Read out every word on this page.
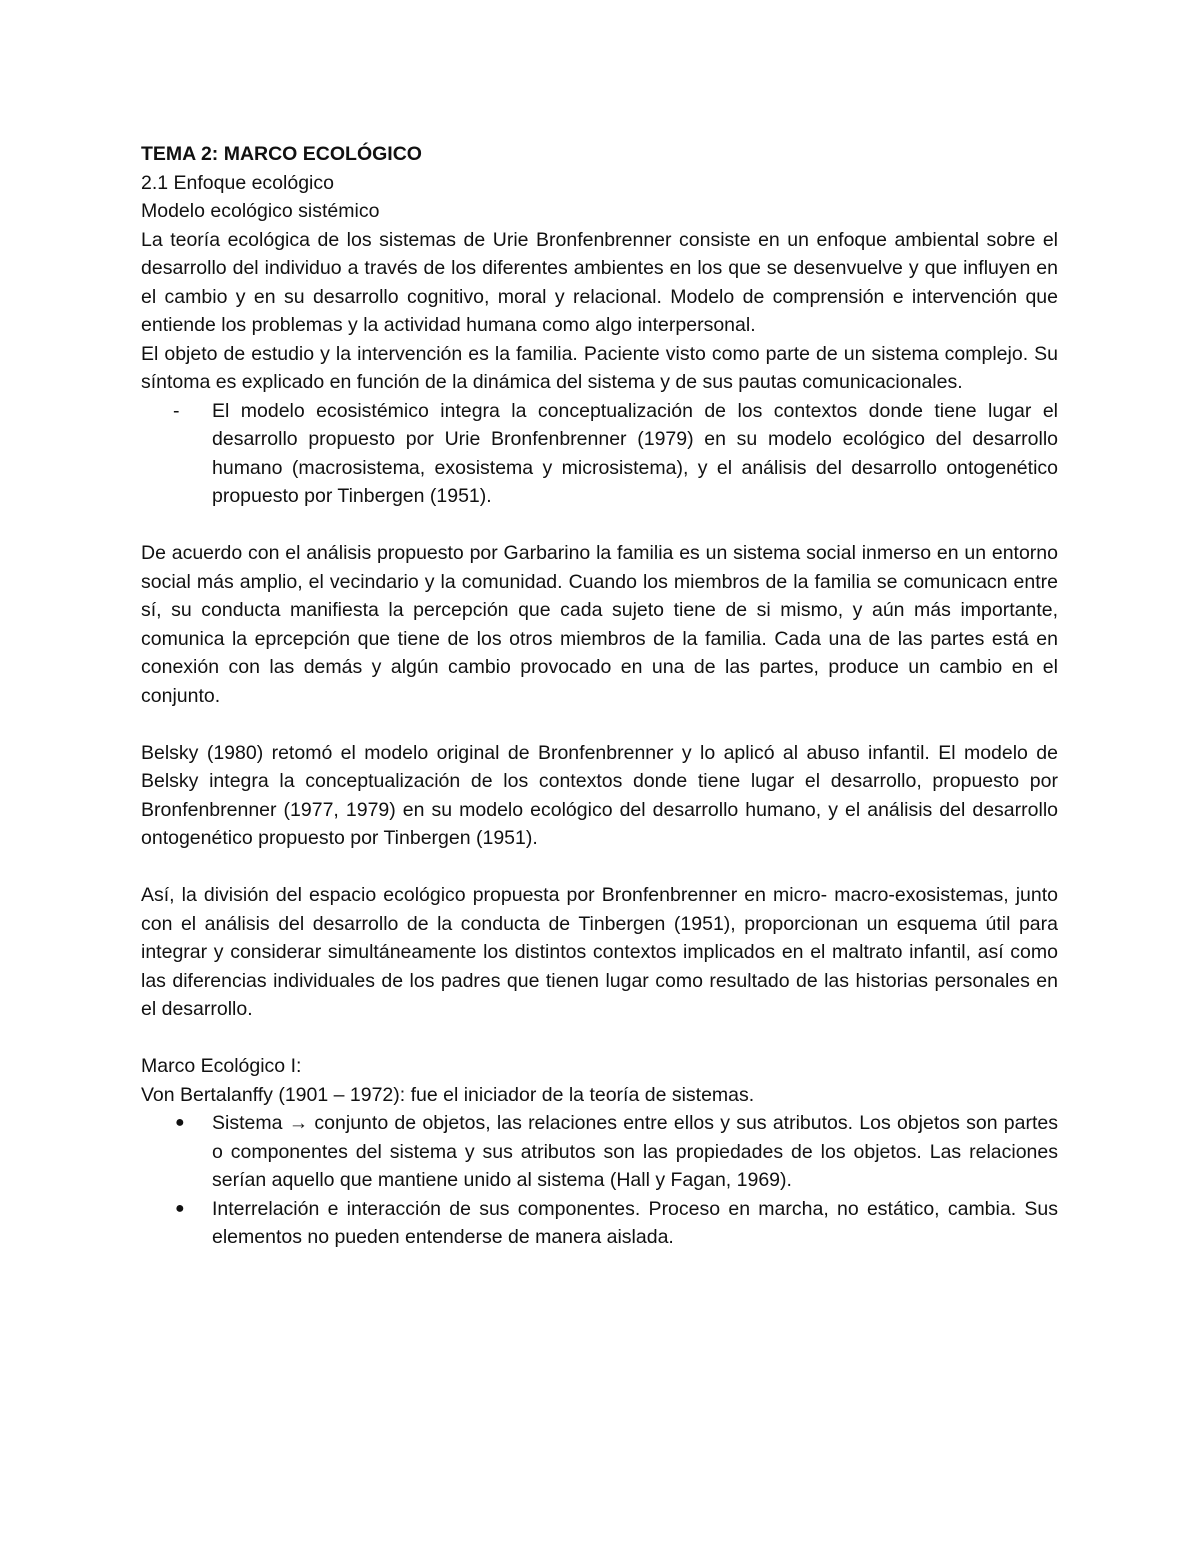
TEMA 2: MARCO ECOLÓGICO

2.1 Enfoque ecológico

Modelo ecológico sistémico

La teoría ecológica de los sistemas de Urie Bronfenbrenner consiste en un enfoque ambiental sobre el desarrollo del individuo a través de los diferentes ambientes en los que se desenvuelve y que influyen en el cambio y en su desarrollo cognitivo, moral y relacional. Modelo de comprensión e intervención que entiende los problemas y la actividad humana como algo interpersonal.

El objeto de estudio y la intervención es la familia. Paciente visto como parte de un sistema complejo. Su síntoma es explicado en función de la dinámica del sistema y de sus pautas comunicacionales.

- El modelo ecosistémico integra la conceptualización de los contextos donde tiene lugar el desarrollo propuesto por Urie Bronfenbrenner (1979) en su modelo ecológico del desarrollo humano (macrosistema, exosistema y microsistema), y el análisis del desarrollo ontogenético propuesto por Tinbergen (1951).

De acuerdo con el análisis propuesto por Garbarino la familia es un sistema social inmerso en un entorno social más amplio, el vecindario y la comunidad. Cuando los miembros de la familia se comunicacn entre sí, su conducta manifiesta la percepción que cada sujeto tiene de si mismo, y aún más importante, comunica la eprcepción que tiene de los otros miembros de la familia. Cada una de las partes está en conexión con las demás y algún cambio provocado en una de las partes, produce un cambio en el conjunto.

Belsky (1980) retomó el modelo original de Bronfenbrenner y lo aplicó al abuso infantil. El modelo de Belsky integra la conceptualización de los contextos donde tiene lugar el desarrollo, propuesto por Bronfenbrenner (1977, 1979) en su modelo ecológico del desarrollo humano, y el análisis del desarrollo ontogenético propuesto por Tinbergen (1951).

Así, la división del espacio ecológico propuesta por Bronfenbrenner en micro- macro-exosistemas, junto con el análisis del desarrollo de la conducta de Tinbergen (1951), proporcionan un esquema útil para integrar y considerar simultáneamente los distintos contextos implicados en el maltrato infantil, así como las diferencias individuales de los padres que tienen lugar como resultado de las historias personales en el desarrollo.

Marco Ecológico I:

Von Bertalanffy (1901 – 1972): fue el iniciador de la teoría de sistemas.

● Sistema → conjunto de objetos, las relaciones entre ellos y sus atributos. Los objetos son partes o componentes del sistema y sus atributos son las propiedades de los objetos. Las relaciones serían aquello que mantiene unido al sistema (Hall y Fagan, 1969).
● Interrelación e interacción de sus componentes. Proceso en marcha, no estático, cambia. Sus elementos no pueden entenderse de manera aislada.
